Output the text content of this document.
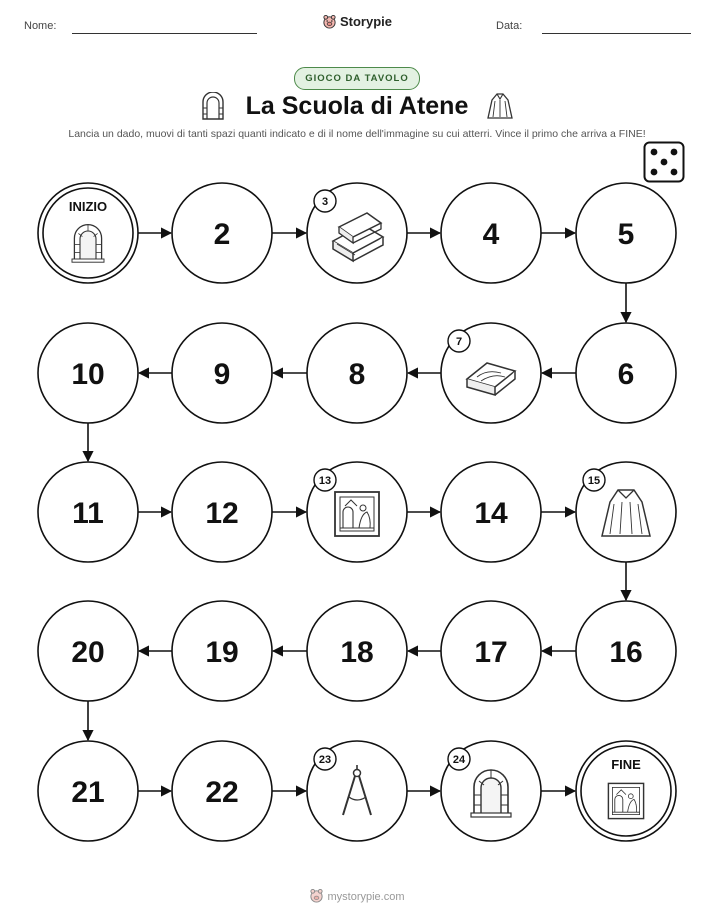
Nome:	Storypie	Data:
GIOCO DA TAVOLO
La Scuola di Atene
Lancia un dado, muovi di tanti spazi quanti indicato e di il nome dell'immagine su cui atterri. Vince il primo che arriva a FINE!
INIZIO
2
3
4	5
6
7
8
9
10
11	12
13
14
15
16
17
18
19
20
21	22
23	24	FINE
mystorypie.com
